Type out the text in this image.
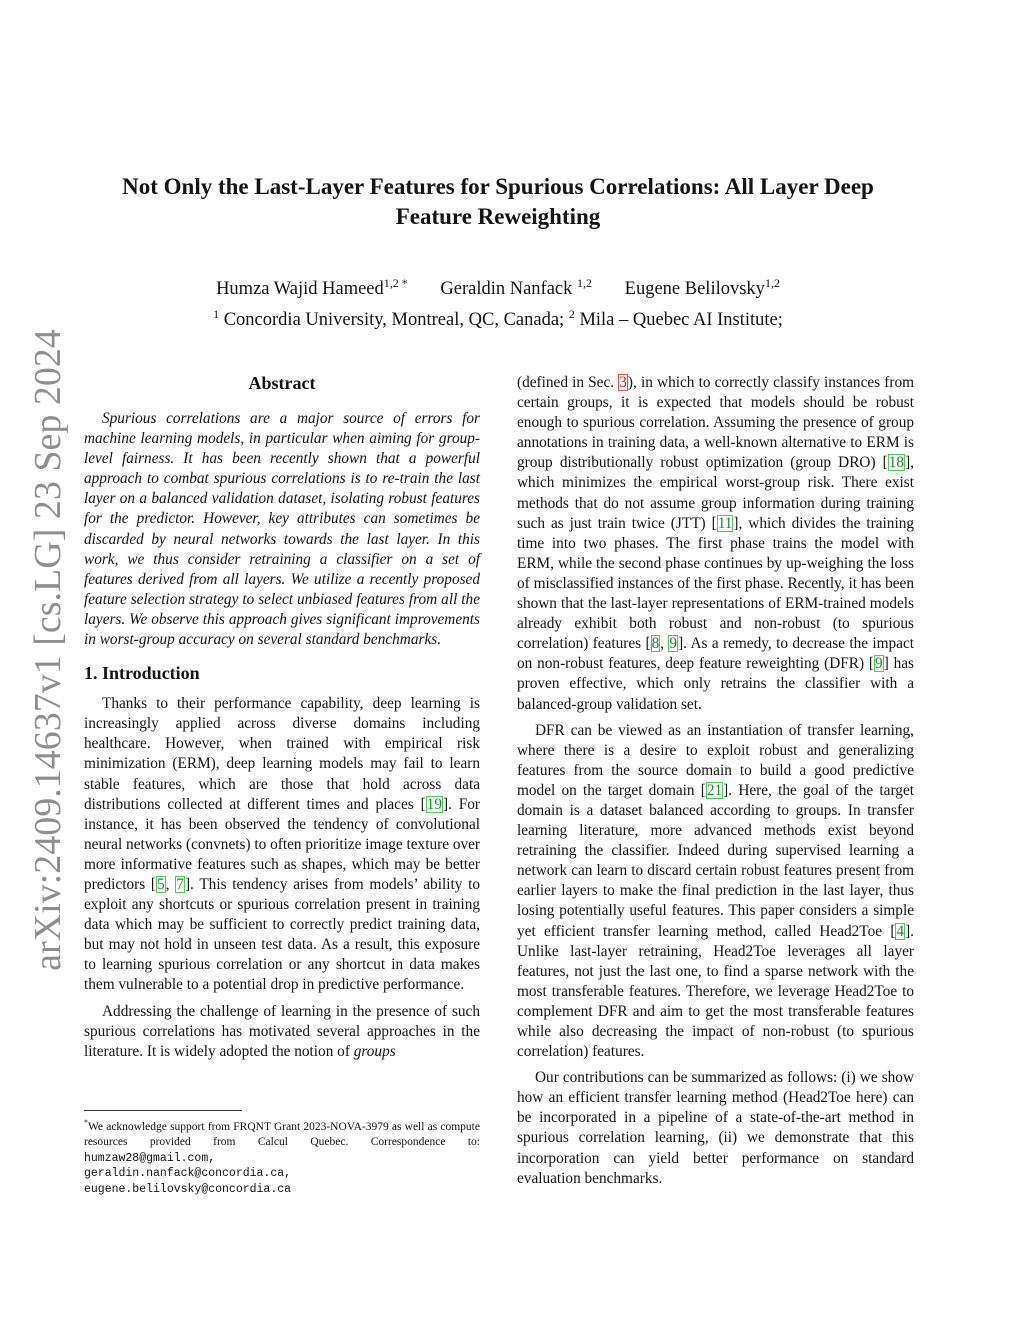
arXiv:2409.14637v1 [cs.LG] 23 Sep 2024
Not Only the Last-Layer Features for Spurious Correlations: All Layer Deep Feature Reweighting
Humza Wajid Hameed$^{1,2 *}$ Geraldin Nanfack $^{1,2}$ Eugene Belilovsky$^{1,2}$
$^1$ Concordia University, Montreal, QC, Canada; $^2$ Mila – Quebec AI Institute;
Abstract

Spurious correlations are a major source of errors for machine learning models, in particular when aiming for group-level fairness. It has been recently shown that a powerful approach to combat spurious correlations is to re-train the last layer on a balanced validation dataset, isolating robust features for the predictor. However, key attributes can sometimes be discarded by neural networks towards the last layer. In this work, we thus consider retraining a classifier on a set of features derived from all layers. We utilize a recently proposed feature selection strategy to select unbiased features from all the layers. We observe this approach gives significant improvements in worst-group accuracy on several standard benchmarks.

1. Introduction

Thanks to their performance capability, deep learning is increasingly applied across diverse domains including healthcare. However, when trained with empirical risk minimization (ERM), deep learning models may fail to learn stable features, which are those that hold across data distributions collected at different times and places [19]. For instance, it has been observed the tendency of convolutional neural networks (convnets) to often prioritize image texture over more informative features such as shapes, which may be better predictors [5, 7]. This tendency arises from models’ ability to exploit any shortcuts or spurious correlation present in training data which may be sufficient to correctly predict training data, but may not hold in unseen test data. As a result, this exposure to learning spurious correlation or any shortcut in data makes them vulnerable to a potential drop in predictive performance.

Addressing the challenge of learning in the presence of such spurious correlations has motivated several approaches in the literature. It is widely adopted the notion of groups

(defined in Sec. 3), in which to correctly classify instances from certain groups, it is expected that models should be robust enough to spurious correlation. Assuming the presence of group annotations in training data, a well-known alternative to ERM is group distributionally robust optimization (group DRO) [18], which minimizes the empirical worst-group risk. There exist methods that do not assume group information during training such as just train twice (JTT) [11], which divides the training time into two phases. The first phase trains the model with ERM, while the second phase continues by up-weighing the loss of misclassified instances of the first phase. Recently, it has been shown that the last-layer representations of ERM-trained models already exhibit both robust and non-robust (to spurious correlation) features [8, 9]. As a remedy, to decrease the impact on non-robust features, deep feature reweighting (DFR) [9] has proven effective, which only retrains the classifier with a balanced-group validation set.

DFR can be viewed as an instantiation of transfer learning, where there is a desire to exploit robust and generalizing features from the source domain to build a good predictive model on the target domain [21]. Here, the goal of the target domain is a dataset balanced according to groups. In transfer learning literature, more advanced methods exist beyond retraining the classifier. Indeed during supervised learning a network can learn to discard certain robust features present from earlier layers to make the final prediction in the last layer, thus losing potentially useful features. This paper considers a simple yet efficient transfer learning method, called Head2Toe [4]. Unlike last-layer retraining, Head2Toe leverages all layer features, not just the last one, to find a sparse network with the most transferable features. Therefore, we leverage Head2Toe to complement DFR and aim to get the most transferable features while also decreasing the impact of non-robust (to spurious correlation) features.

Our contributions can be summarized as follows: (i) we show how an efficient transfer learning method (Head2Toe here) can be incorporated in a pipeline of a state-of-the-art method in spurious correlation learning, (ii) we demonstrate that this incorporation can yield better performance on standard evaluation benchmarks.

*We acknowledge support from FRQNT Grant 2023-NOVA-3979 as well as compute resources provided from Calcul Quebec. Correspondence to: humzaw28@gmail.com,
geraldin.nanfack@concordia.ca,
eugene.belilovsky@concordia.ca
